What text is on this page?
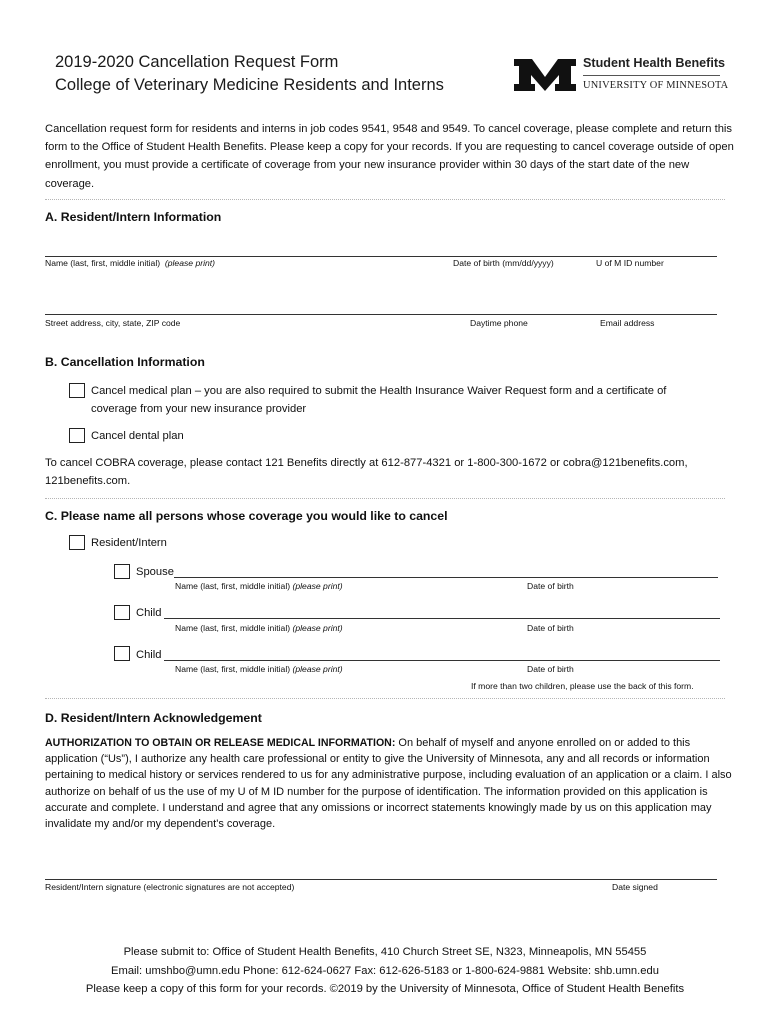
2019-2020 Cancellation Request Form
College of Veterinary Medicine Residents and Interns
Student Health Benefits
UNIVERSITY OF MINNESOTA
Cancellation request form for residents and interns in job codes 9541, 9548 and 9549. To cancel coverage, please complete and return this form to the Office of Student Health Benefits. Please keep a copy for your records. If you are requesting to cancel coverage outside of open enrollment, you must provide a certificate of coverage from your new insurance provider within 30 days of the start date of the new coverage.
A. Resident/Intern Information
Name (last, first, middle initial) (please print)	Date of birth (mm/dd/yyyy)	U of M ID number
Street address, city, state, ZIP code	Daytime phone	Email address
B. Cancellation Information
Cancel medical plan – you are also required to submit the Health Insurance Waiver Request form and a certificate of
coverage from your new insurance provider
Cancel dental plan
To cancel COBRA coverage, please contact 121 Benefits directly at 612-877-4321 or 1-800-300-1672 or cobra@121benefits.com,
121benefits.com.
C. Please name all persons whose coverage you would like to cancel
Resident/Intern
Spouse
Name (last, first, middle initial) (please print)	Date of birth
Child
Name (last, first, middle initial) (please print)	Date of birth
Child
Name (last, first, middle initial) (please print)	Date of birth
If more than two children, please use the back of this form.
D. Resident/Intern Acknowledgement
AUTHORIZATION TO OBTAIN OR RELEASE MEDICAL INFORMATION: On behalf of myself and anyone enrolled on or added to this application (“Us”), I authorize any health care professional or entity to give the University of Minnesota, any and all records or information pertaining to medical history or services rendered to us for any administrative purpose, including evaluation of an application or a claim. I also authorize on behalf of us the use of my U of M ID number for the purpose of identification. The information provided on this application is accurate and complete. I understand and agree that any omissions or incorrect statements knowingly made by us on this application may invalidate my and/or my dependent's coverage.
Resident/Intern signature (electronic signatures are not accepted)	Date signed
Please submit to: Office of Student Health Benefits, 410 Church Street SE, N323, Minneapolis, MN 55455
Email: umshbo@umn.edu Phone: 612-624-0627 Fax: 612-626-5183 or 1-800-624-9881 Website: shb.umn.edu
Please keep a copy of this form for your records. ©2019 by the University of Minnesota, Office of Student Health Benefits
